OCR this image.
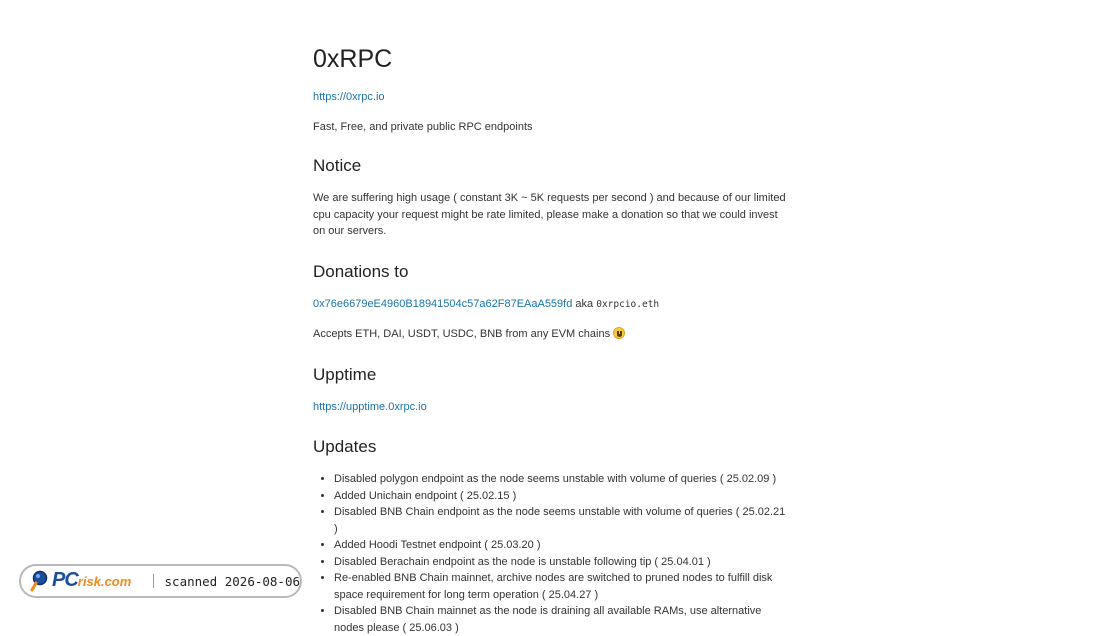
0xRPC

https://0xrpc.io

Fast, Free, and private public RPC endpoints

Notice

We are suffering high usage ( constant 3K ~ 5K requests per second ) and because of our limited cpu capacity your request might be rate limited, please make a donation so that we could invest on our servers.

Donations to

0x76e6679eE4960B18941504c57a62F87EAaA559fd aka 0xrpcio.eth

Accepts ETH, DAI, USDT, USDC, BNB from any EVM chains

Upptime

https://upptime.0xrpc.io

Updates
• Disabled polygon endpoint as the node seems unstable with volume of queries ( 25.02.09 )
• Added Unichain endpoint ( 25.02.15 )
• Disabled BNB Chain endpoint as the node seems unstable with volume of queries ( 25.02.21 )
• Added Hoodi Testnet endpoint ( 25.03.20 )
• Disabled Berachain endpoint as the node is unstable following tip ( 25.04.01 )
• Re-enabled BNB Chain mainnet, archive nodes are switched to pruned nodes to fulfill disk space requirement for long term operation ( 25.04.27 )
• Disabled BNB Chain mainnet as the node is draining all available RAMs, use alternative nodes please ( 25.06.03 )
PCrisk.com	scanned 2026-08-06
